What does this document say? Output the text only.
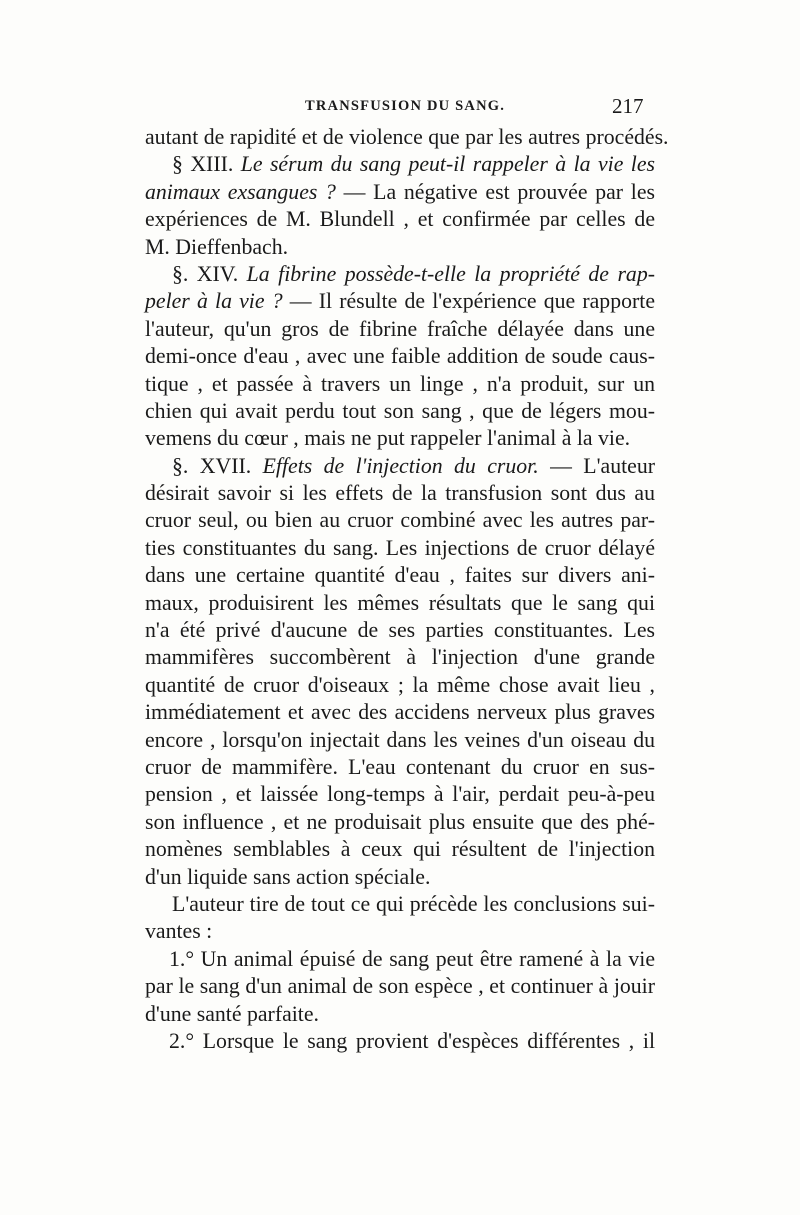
TRANSFUSION DU SANG.	217
autant de rapidité et de violence que par les autres procédés.
§ XIII. Le sérum du sang peut-il rappeler à la vie les
animaux exsangues ? — La négative est prouvée par les
expériences de M. Blundell , et confirmée par celles de
M. Dieffenbach.
§. XIV. La fibrine possède-t-elle la propriété de rap-
peler à la vie ? — Il résulte de l'expérience que rapporte
l'auteur, qu'un gros de fibrine fraîche délayée dans une
demi-once d'eau , avec une faible addition de soude caus-
tique , et passée à travers un linge , n'a produit, sur un
chien qui avait perdu tout son sang , que de légers mou-
vemens du cœur , mais ne put rappeler l'animal à la vie.
§. XVII. Effets de l'injection du cruor. — L'auteur
désirait savoir si les effets de la transfusion sont dus au
cruor seul, ou bien au cruor combiné avec les autres par-
ties constituantes du sang. Les injections de cruor délayé
dans une certaine quantité d'eau , faites sur divers ani-
maux, produisirent les mêmes résultats que le sang qui
n'a été privé d'aucune de ses parties constituantes. Les
mammifères succombèrent à l'injection d'une grande
quantité de cruor d'oiseaux ; la même chose avait lieu ,
immédiatement et avec des accidens nerveux plus graves
encore , lorsqu'on injectait dans les veines d'un oiseau du
cruor de mammifère. L'eau contenant du cruor en sus-
pension , et laissée long-temps à l'air, perdait peu-à-peu
son influence , et ne produisait plus ensuite que des phé-
nomènes semblables à ceux qui résultent de l'injection
d'un liquide sans action spéciale.
L'auteur tire de tout ce qui précède les conclusions sui-
vantes :
1.° Un animal épuisé de sang peut être ramené à la vie
par le sang d'un animal de son espèce , et continuer à jouir
d'une santé parfaite.
2.° Lorsque le sang provient d'espèces différentes , il
